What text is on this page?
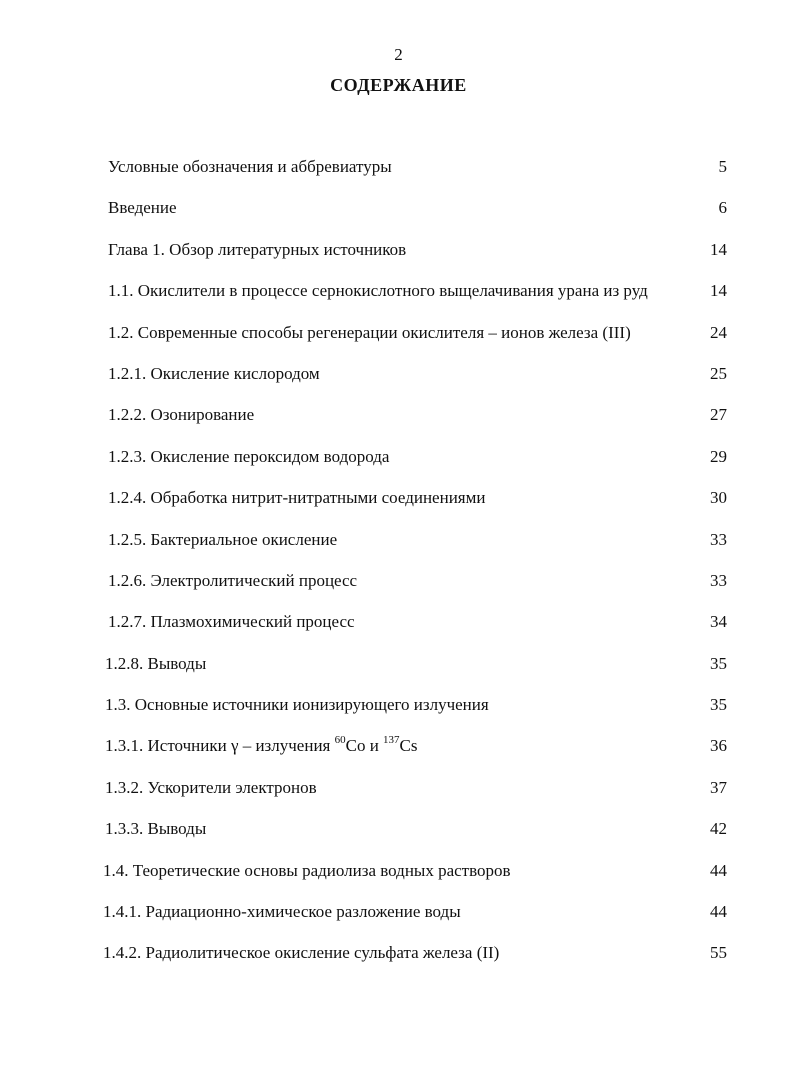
2
СОДЕРЖАНИЕ
Условные обозначения и аббревиатуры	5
Введение	6
Глава 1. Обзор литературных источников	14
1.1. Окислители в процессе сернокислотного выщелачивания урана из руд	14
1.2. Современные способы регенерации окислителя – ионов железа (III)	24
1.2.1. Окисление кислородом	25
1.2.2. Озонирование	27
1.2.3. Окисление пероксидом водорода	29
1.2.4. Обработка нитрит-нитратными соединениями	30
1.2.5. Бактериальное окисление	33
1.2.6. Электролитический процесс	33
1.2.7. Плазмохимический процесс	34
1.2.8. Выводы	35
1.3. Основные источники ионизирующего излучения	35
1.3.1. Источники γ – излучения $^{60}$Co и $^{137}$Cs	36
1.3.2. Ускорители электронов	37
1.3.3. Выводы	42
1.4. Теоретические основы радиолиза водных растворов	44
1.4.1. Радиационно-химическое разложение воды	44
1.4.2. Радиолитическое окисление сульфата железа (II)	55
